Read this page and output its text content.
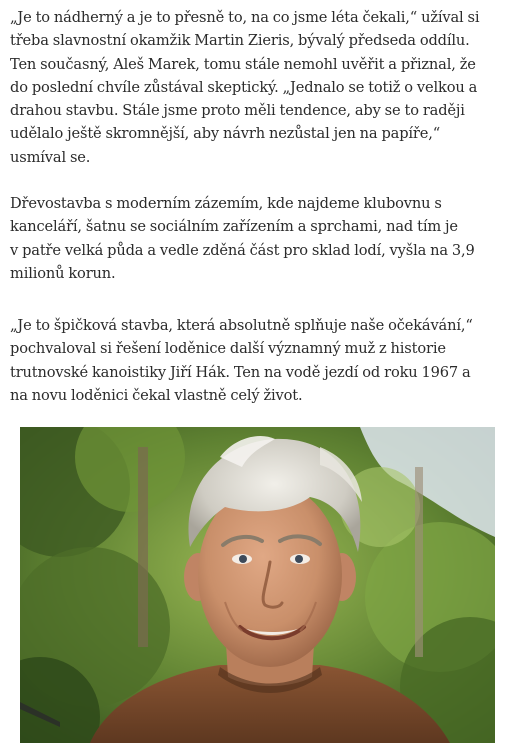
„Je to nádherný a je to přesně to, na co jsme léta čekali,“ užíval si
třeba slavnostní okamžik Martin Zieris, bývalý předseda oddílu.
Ten současný, Aleš Marek, tomu stále nemohl uvěřit a přiznal, že
do poslední chvíle zůstával skeptický. „Jednalo se totiž o velkou a
drahou stavbu. Stále jsme proto měli tendence, aby se to raději
udělalo ještě skromnější, aby návrh nezůstal jen na papíře,“
usmíval se.

Dřevostavba s moderním zázemím, kde najdeme klubovnu s
kanceláří, šatnu se sociálním zařízením a sprchami, nad tím je
v patře velká půda a vedle zděná část pro sklad lodí, vyšla na 3,9
milionů korun.

„Je to špičková stavba, která absolutně splňuje naše očekávání,“
pochvaloval si řešení loděnice další významný muž z historie
trutnovské kanoistiky Jiří Hák. Ten na vodě jezdí od roku 1967 a
na novu loděnici čekal vlastně celý život.
